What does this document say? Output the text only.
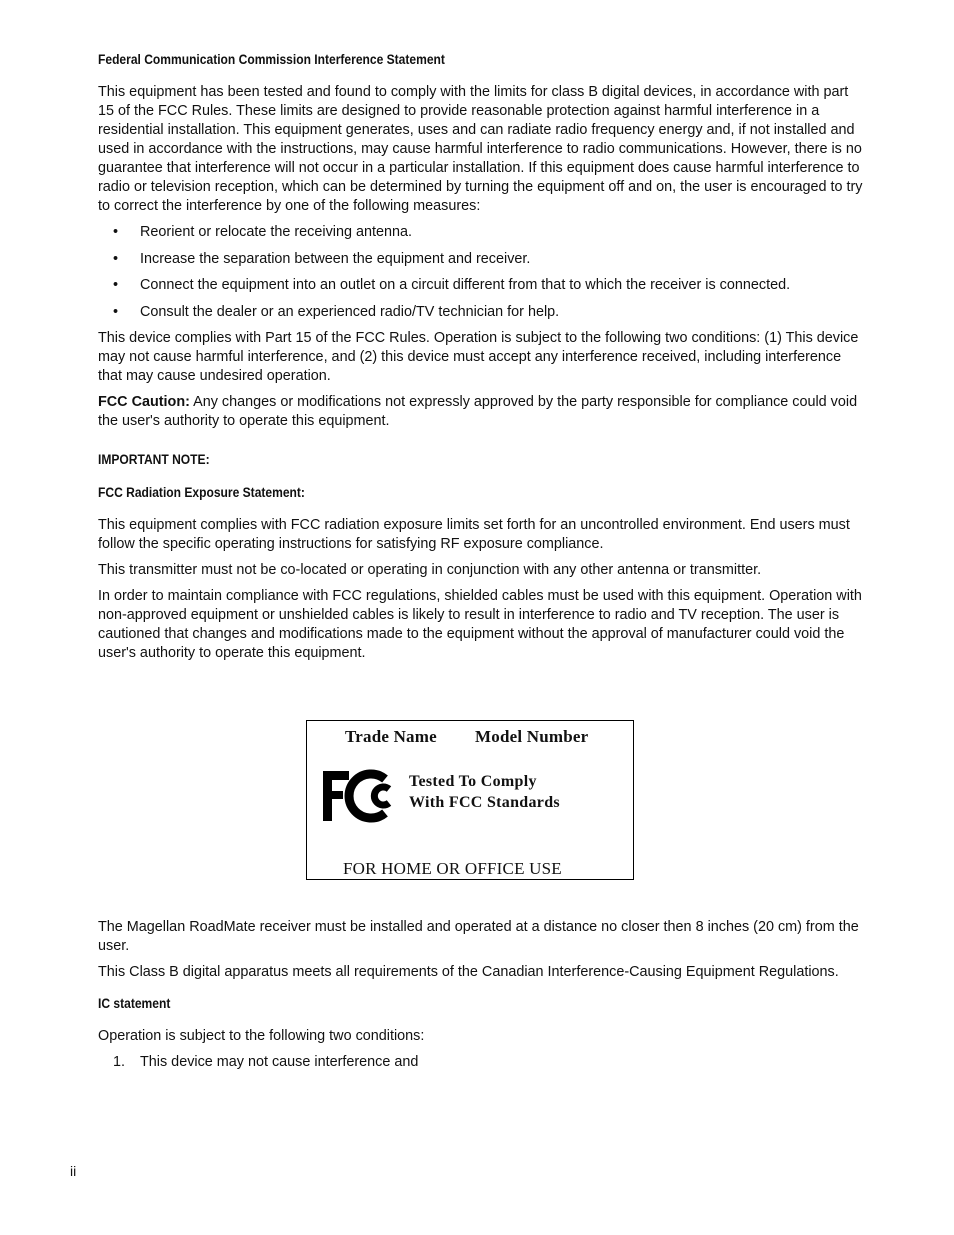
Federal Communication Commission Interference Statement

This equipment has been tested and found to comply with the limits for class B digital devices, in accordance with part 15 of the FCC Rules. These limits are designed to provide reasonable protection against harmful interference in a residential installation. This equipment generates, uses and can radiate radio frequency energy and, if not installed and used in accordance with the instructions, may cause harmful interference to radio communications. However, there is no guarantee that interference will not occur in a particular installation. If this equipment does cause harmful interference to radio or television reception, which can be determined by turning the equipment off and on, the user is encouraged to try to correct the interference by one of the following measures:

• Reorient or relocate the receiving antenna.
• Increase the separation between the equipment and receiver.
• Connect the equipment into an outlet on a circuit different from that to which the receiver is connected.
• Consult the dealer or an experienced radio/TV technician for help.

This device complies with Part 15 of the FCC Rules. Operation is subject to the following two conditions: (1) This device may not cause harmful interference, and (2) this device must accept any interference received, including interference that may cause undesired operation.

FCC Caution: Any changes or modifications not expressly approved by the party responsible for compliance could void the user's authority to operate this equipment.

IMPORTANT NOTE:
FCC Radiation Exposure Statement:

This equipment complies with FCC radiation exposure limits set forth for an uncontrolled environment. End users must follow the specific operating instructions for satisfying RF exposure compliance.

This transmitter must not be co-located or operating in conjunction with any other antenna or transmitter.

In order to maintain compliance with FCC regulations, shielded cables must be used with this equipment. Operation with non-approved equipment or unshielded cables is likely to result in interference to radio and TV reception. The user is cautioned that changes and modifications made to the equipment without the approval of manufacturer could void the user's authority to operate this equipment.

Trade Name Model Number
Tested To Comply
With FCC Standards
FOR HOME OR OFFICE USE

The Magellan RoadMate receiver must be installed and operated at a distance no closer then 8 inches (20 cm) from the user.

This Class B digital apparatus meets all requirements of the Canadian Interference-Causing Equipment Regulations.

IC statement

Operation is subject to the following two conditions:

1. This device may not cause interference and
ii
